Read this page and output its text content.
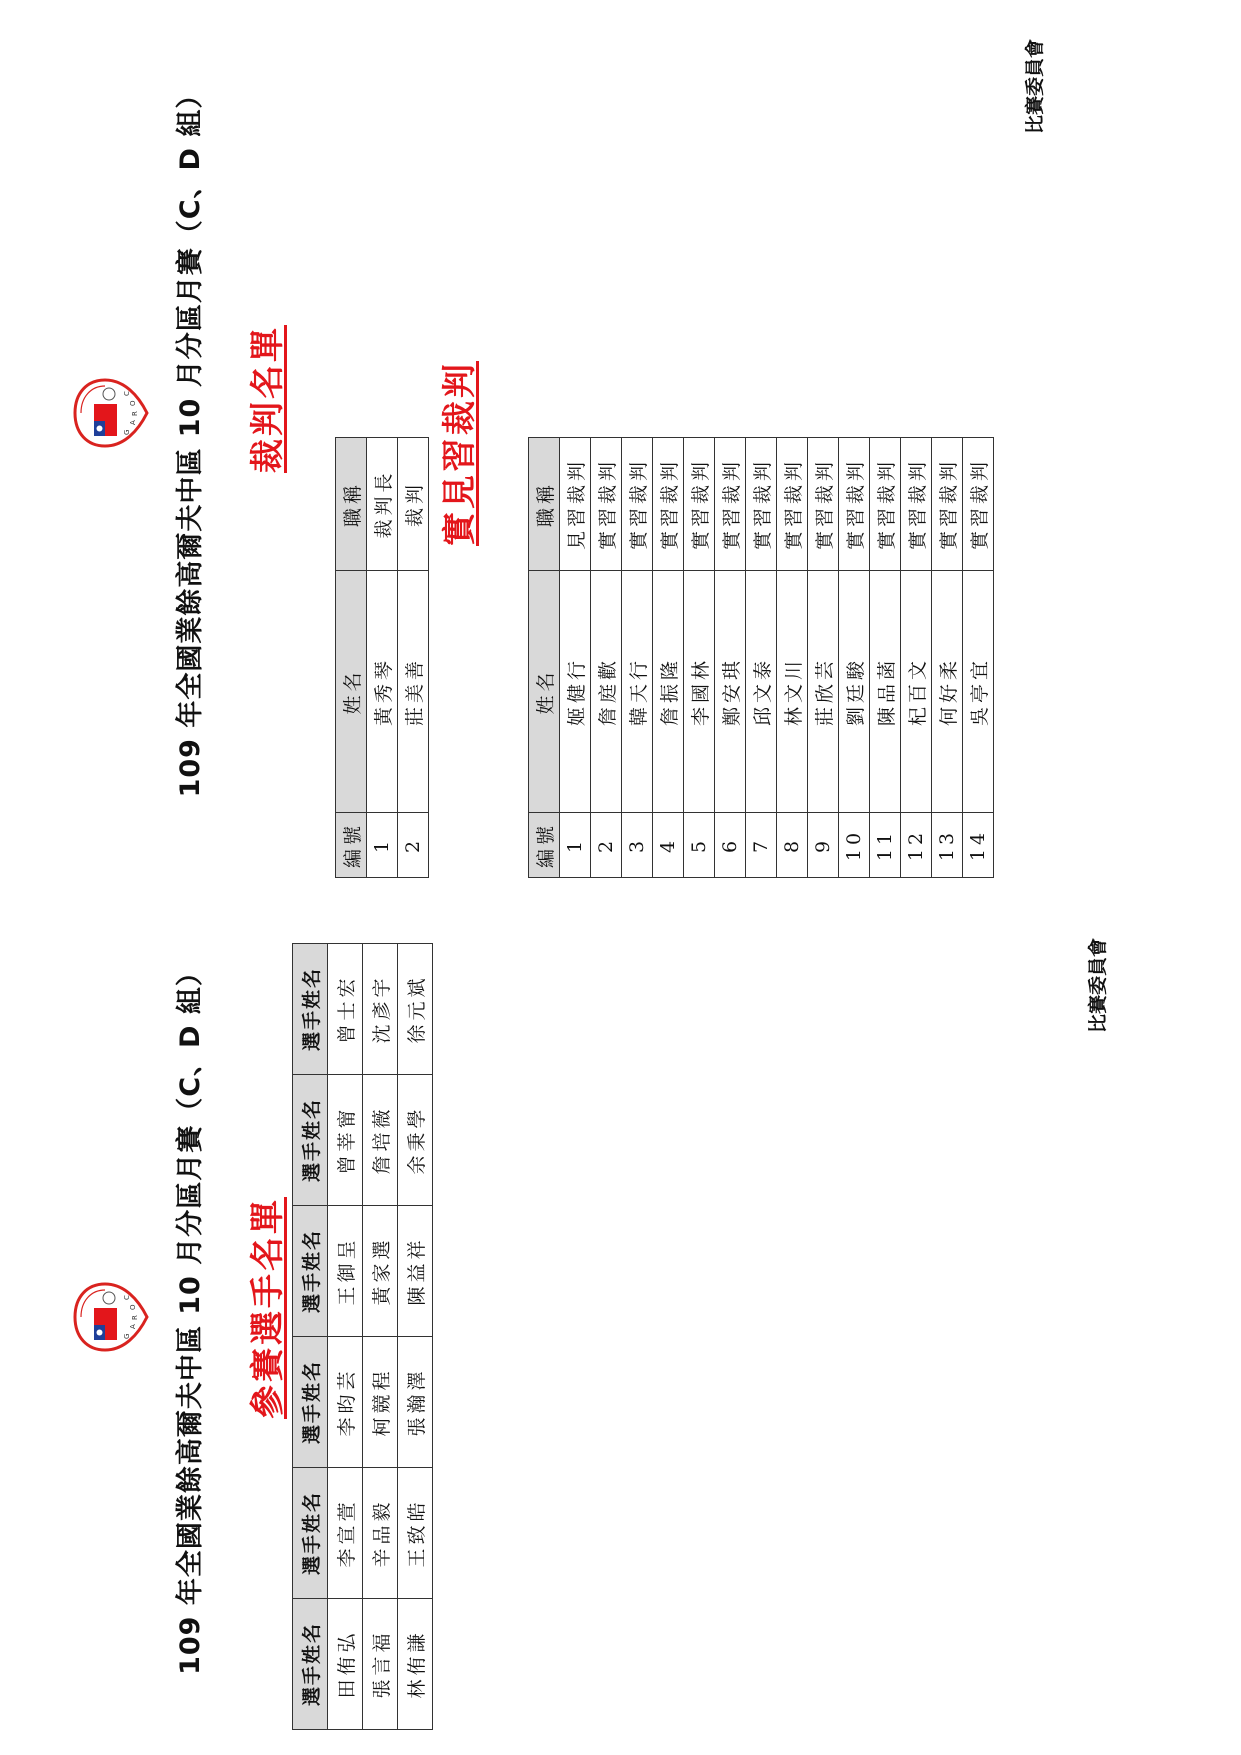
G
A
R
O
C 109 年全國業餘高爾夫中區 10 月分區月賽（C、D 組） 參賽選手名單
選手姓名	選手姓名	選手姓名	選手姓名	選手姓名	選手姓名
田侑弘	李宣萱	李昀芸	王御呈	曾莘甯	曾士宏
張言福	辛品毅	柯競程	黃家選	詹培薇	沈彥宇
林侑謙	王致皓	張瀚澤	陳益祥	余秉學	徐元斌	比賽委員會
G
A
R
O
C 109 年全國業餘高爾夫中區 10 月分區月賽（C、D 組） 裁判名單
編號	姓名	職稱
1	黃秀琴	裁判長
2	莊美善	裁判 實見習裁判
編號	姓名	職稱
1	姬健行	見習裁判
2	詹庭歡	實習裁判
3	韓天行	實習裁判
4	詹振隆	實習裁判
5	李國林	實習裁判
6	鄭安琪	實習裁判
7	邱文泰	實習裁判
8	林文川	實習裁判
9	莊欣芸	實習裁判
10	劉廷駿	實習裁判
11	陳品菡	實習裁判
12	杞百文	實習裁判
13	何好柔	實習裁判
14	吳亭宜	實習裁判
比賽委員會
